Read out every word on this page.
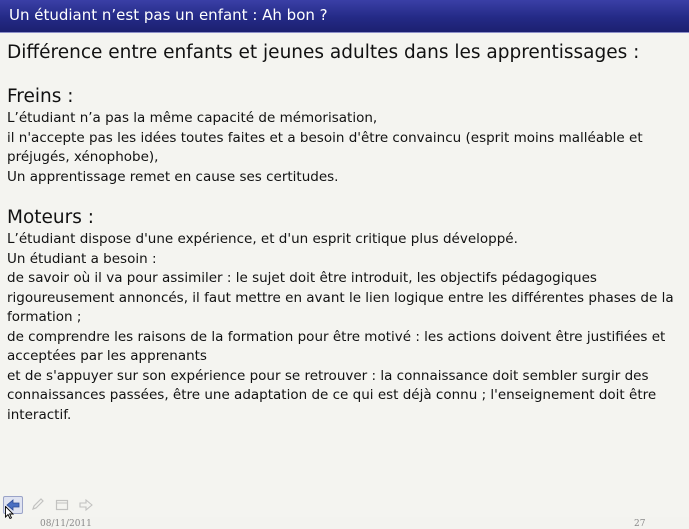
Un étudiant n’est pas un enfant : Ah bon ?
Différence entre enfants et jeunes adultes dans les apprentissages :
Freins :

L’étudiant n’a pas la même capacité de mémorisation,

il n'accepte pas les idées toutes faites et a besoin d'être convaincu (esprit moins malléable et préjugés, xénophobe),

Un apprentissage remet en cause ses certitudes.

Moteurs :

L’étudiant dispose d'une expérience, et d'un esprit critique plus développé.

Un étudiant a besoin :

de savoir où il va pour assimiler : le sujet doit être introduit, les objectifs pédagogiques rigoureusement annoncés, il faut mettre en avant le lien logique entre les différentes phases de la formation ;

de comprendre les raisons de la formation pour être motivé : les actions doivent être justifiées et acceptées par les apprenants

et de s'appuyer sur son expérience pour se retrouver : la connaissance doit sembler surgir des connaissances passées, être une adaptation de ce qui est déjà connu ; l'enseignement doit être interactif.

08/11/2011	27
